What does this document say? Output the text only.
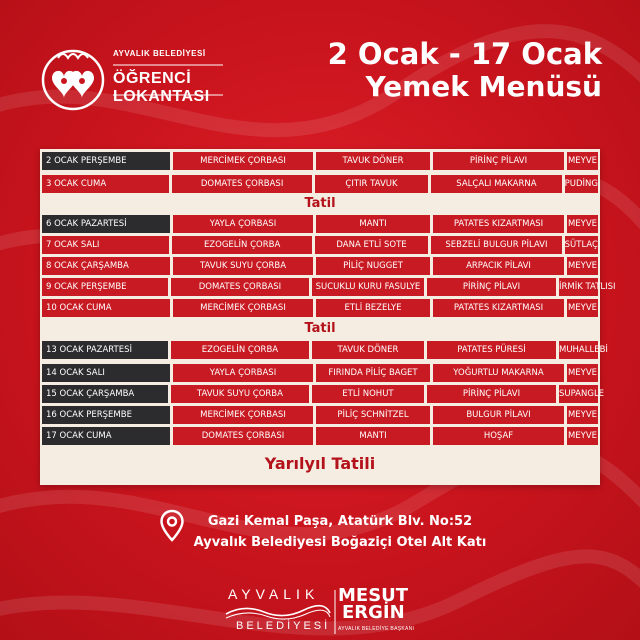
AYVALIK BELEDİYESİ
ÖĞRENCİ LOKANTASI
2 Ocak - 17 Ocak
Yemek Menüsü
2 OCAK PERŞEMBE	MERCİMEK ÇORBASI	TAVUK DÖNER	PİRİNÇ PİLAVI	MEYVE
3 OCAK CUMA	DOMATES ÇORBASI	ÇITIR TAVUK	SALÇALI MAKARNA	PUDİNG
Tatil
6 OCAK PAZARTESİ	YAYLA ÇORBASI	MANTI	PATATES KIZARTMASI	MEYVE
7 OCAK SALI	EZOGELİN ÇORBA	DANA ETLİ SOTE	SEBZELİ BULGUR PİLAVI	SÜTLAÇ
8 OCAK ÇARŞAMBA	TAVUK SUYU ÇORBA	PİLİÇ NUGGET	ARPACIK PİLAVI	MEYVE
9 OCAK PERŞEMBE	DOMATES ÇORBASI	SUCUKLU KURU FASULYE	PİRİNÇ PİLAVI	İRMİK TATLISI
10 OCAK CUMA	MERCİMEK ÇORBASI	ETLİ BEZELYE	PATATES KIZARTMASI	MEYVE
Tatil
13 OCAK PAZARTESİ	EZOGELİN ÇORBA	TAVUK DÖNER	PATATES PÜRESİ	MUHALLEBİ
14 OCAK SALI	YAYLA ÇORBASI	FIRINDA PİLİÇ BAGET	YOĞURTLU MAKARNA	MEYVE
15 OCAK ÇARŞAMBA	TAVUK SUYU ÇORBA	ETLİ NOHUT	PİRİNÇ PİLAVI	SUPANGLE
16 OCAK PERŞEMBE	MERCİMEK ÇORBASI	PİLİÇ SCHNİTZEL	BULGUR PİLAVI	MEYVE
17 OCAK CUMA	DOMATES ÇORBASI	MANTI	HOŞAF	MEYVE
Yarılyıl Tatili
Gazi Kemal Paşa, Atatürk Blv. No:52
Ayvalık Belediyesi Boğaziçi Otel Alt Katı
AYVALIK
BELEDİYESİ
MESUT
ERGİN
AYVALIK BELEDİYE BAŞKANI
